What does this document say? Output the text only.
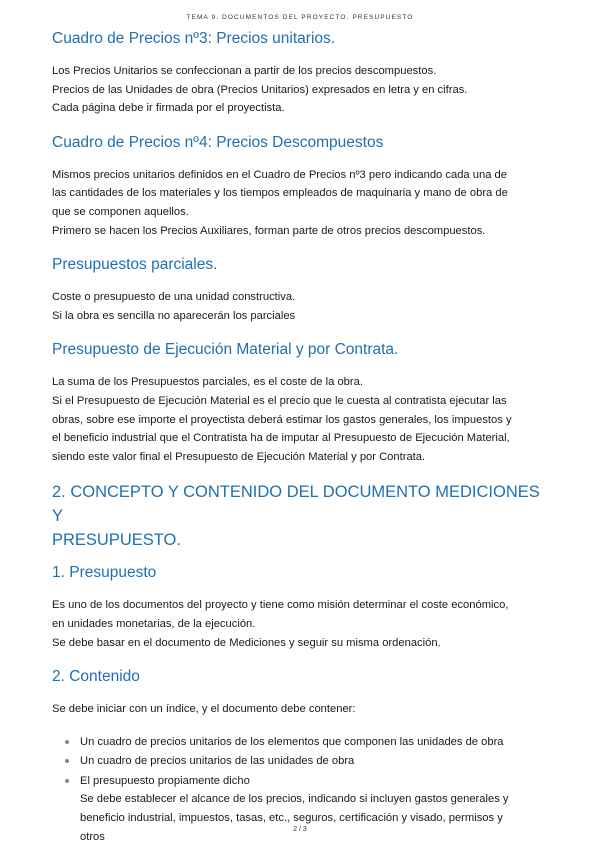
TEMA 9. DOCUMENTOS DEL PROYECTO. PRESUPUESTO
Cuadro de Precios nº3: Precios unitarios.

Los Precios Unitarios se confeccionan a partir de los precios descompuestos.

Precios de las Unidades de obra (Precios Unitarios) expresados en letra y en cifras.

Cada página debe ir firmada por el proyectista.

Cuadro de Precios nº4: Precios Descompuestos

Mismos precios unitarios definidos en el Cuadro de Precios nº3 pero indicando cada una de

las cantidades de los materiales y los tiempos empleados de maquinaria y mano de obra de

que se componen aquellos.

Primero se hacen los Precios Auxiliares, forman parte de otros precios descompuestos.

Presupuestos parciales.

Coste o presupuesto de una unidad constructiva.

Si la obra es sencilla no aparecerán los parciales

Presupuesto de Ejecución Material y por Contrata.

La suma de los Presupuestos parciales, es el coste de la obra.

Si el Presupuesto de Ejecución Material es el precio que le cuesta al contratista ejecutar las

obras, sobre ese importe el proyectista deberá estimar los gastos generales, los impuestos y

el beneficio industrial que el Contratista ha de imputar al Presupuesto de Ejecución Material,

siendo este valor final el Presupuesto de Ejecución Material y por Contrata.

2. CONCEPTO Y CONTENIDO DEL DOCUMENTO MEDICIONES Y
PRESUPUESTO.
1. Presupuesto

Es uno de los documentos del proyecto y tiene como misión determinar el coste económico,

en unidades monetarias, de la ejecución.

Se debe basar en el documento de Mediciones y seguir su misma ordenación.

2. Contenido

Se debe iniciar con un índice, y el documento debe contener:

Un cuadro de precios unitarios de los elementos que componen las unidades de obra
Un cuadro de precios unitarios de las unidades de obra
El presupuesto propiamente dicho
Se debe establecer el alcance de los precios, indicando si incluyen gastos generales y
beneficio industrial, impuestos, tasas, etc., seguros, certificación y visado, permisos y
otros
2 / 3
